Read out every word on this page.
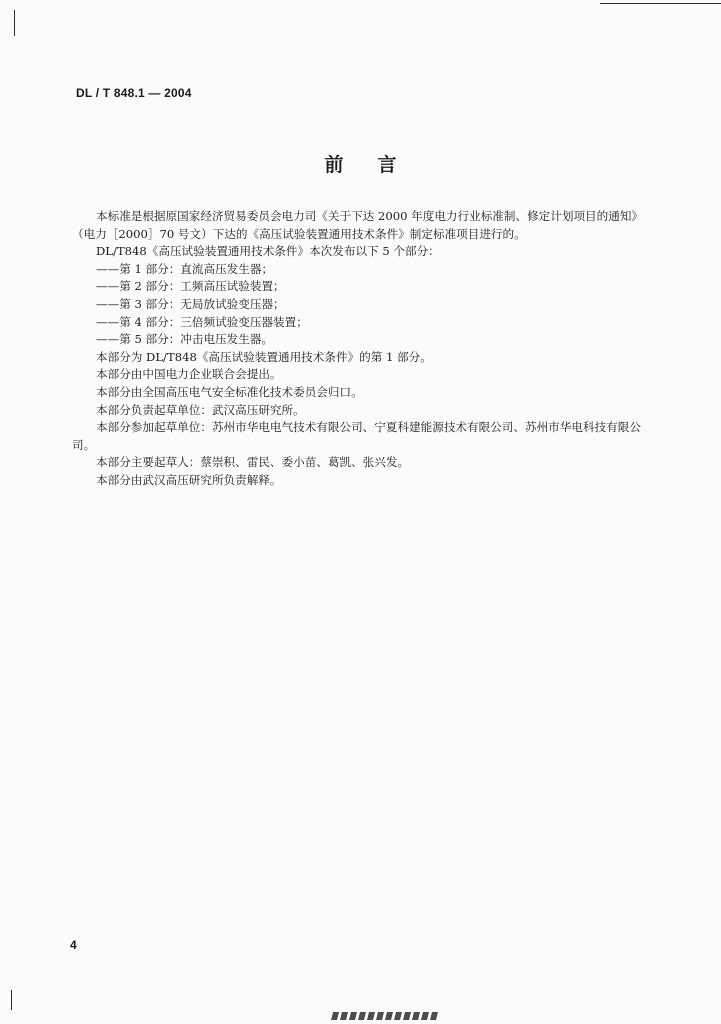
DL / T 848.1 — 2004
前言

本标准是根据原国家经济贸易委员会电力司《关于下达 2000 年度电力行业标准制、修定计划项目的通知》（电力［2000］70 号文）下达的《高压试验装置通用技术条件》制定标准项目进行的。

DL/T848《高压试验装置通用技术条件》本次发布以下 5 个部分：

——第 1 部分：直流高压发生器；

——第 2 部分：工频高压试验装置；

——第 3 部分：无局放试验变压器；

——第 4 部分：三倍频试验变压器装置；

——第 5 部分：冲击电压发生器。

本部分为 DL/T848《高压试验装置通用技术条件》的第 1 部分。

本部分由中国电力企业联合会提出。

本部分由全国高压电气安全标准化技术委员会归口。

本部分负责起草单位：武汉高压研究所。

本部分参加起草单位：苏州市华电电气技术有限公司、宁夏科建能源技术有限公司、苏州市华电科技有限公司。

本部分主要起草人：蔡崇积、雷民、委小苗、葛凯、张兴发。

本部分由武汉高压研究所负责解释。

4
